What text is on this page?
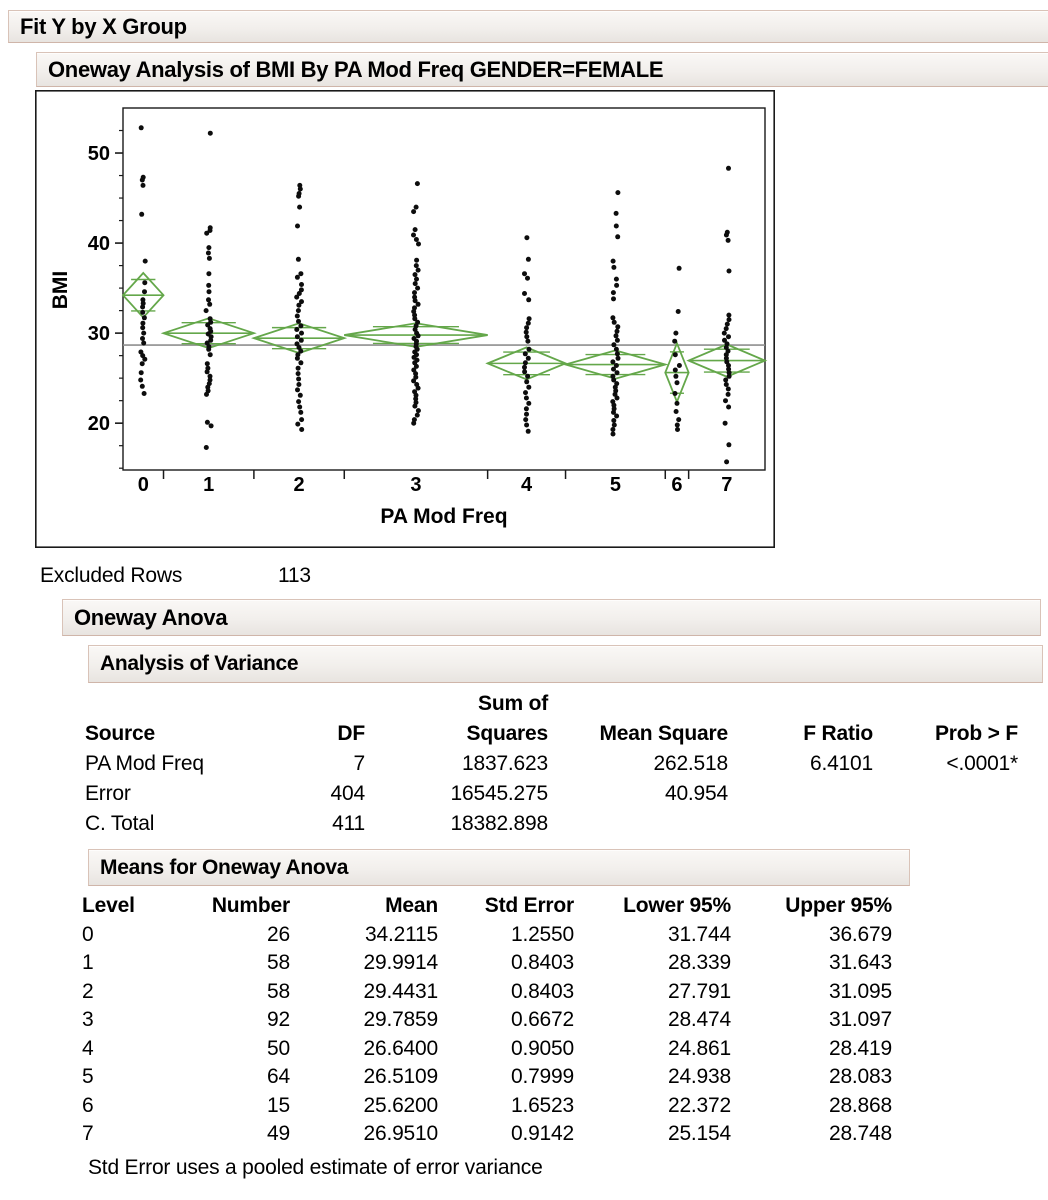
Fit Y by X Group
Oneway Analysis of BMI By PA Mod Freq GENDER=FEMALE
20
30
40
50
BMI
0	1	2	3	4	5	6 7
PA Mod Freq
Excluded Rows	113
Oneway Anova
Analysis of Variance
Sum of
Source	DF	Squares	Mean Square	F Ratio	Prob > F
PA Mod Freq	7	1837.623	262.518	6.4101	<.0001*
Error	404	16545.275	40.954
C. Total	411	18382.898
Means for Oneway Anova
Level	Number	Mean	Std Error	Lower 95%	Upper 95%
0	26	34.2115	1.2550	31.744	36.679
1	58	29.9914	0.8403	28.339	31.643
2	58	29.4431	0.8403	27.791	31.095
3	92	29.7859	0.6672	28.474	31.097
4	50	26.6400	0.9050	24.861	28.419
5	64	26.5109	0.7999	24.938	28.083
6	15	25.6200	1.6523	22.372	28.868
7	49	26.9510	0.9142	25.154	28.748
Std Error uses a pooled estimate of error variance
